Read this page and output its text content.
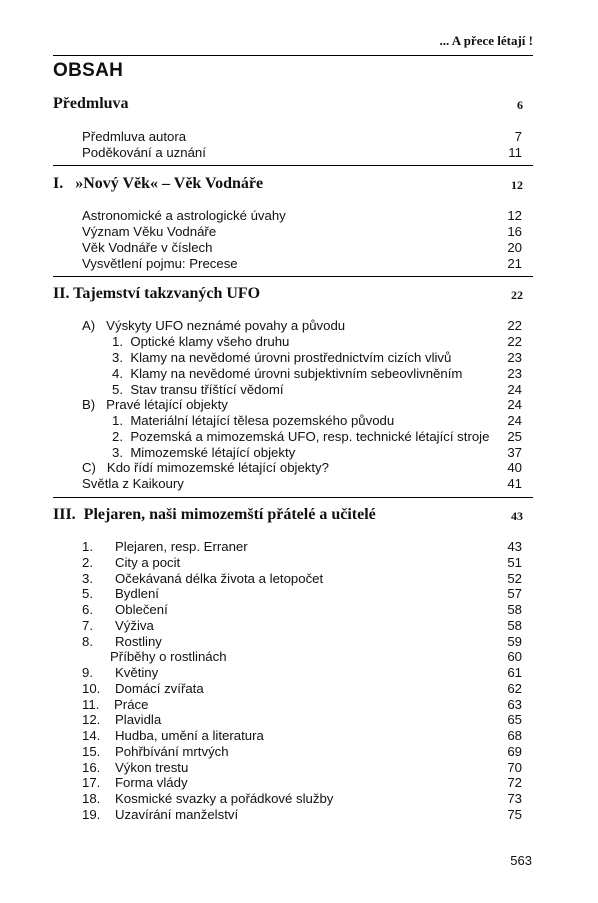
... A přece létají !
OBSAH
Předmluva	6
Předmluva autora	7
Poděkování a uznání	11
I.   »Nový Věk« – Věk Vodnáře	12
Astronomické a astrologické úvahy	12
Význam Věku Vodnáře	16
Věk Vodnáře v číslech	20
Vysvětlení pojmu: Precese	21
II. Tajemství takzvaných UFO	22
A)   Výskyty UFO neznámé povahy a původu	22
1.  Optické klamy všeho druhu	22
3.  Klamy na nevědomé úrovni prostřednictvím cizích vlivů	23
4.  Klamy na nevědomé úrovni subjektivním sebeovlivněním	23
5.  Stav transu tříštící vědomí	24
B)   Pravé létající objekty	24
1.  Materiální létající tělesa pozemského původu	24
2.  Pozemská a mimozemská UFO, resp. technické létající stroje 25
3.  Mimozemské létající objekty	37
C)   Kdo řídí mimozemské létající objekty?	40
Světla z Kaikoury	41
III.  Plejaren, naši mimozemští přátelé a učitelé	43
1.      Plejaren, resp. Erraner	43
2.      City a pocit	51
3.      Očekávaná délka života a letopočet	52
5.      Bydlení	57
6.      Oblečení	58
7.      Výživa	58
8.      Rostliny	59
Příběhy o rostlinách	60
9.      Květiny	61
10.    Domácí zvířata	62
11.    Práce	63
12.    Plavidla	65
14.    Hudba, umění a literatura	68
15.    Pohřbívání mrtvých	69
16.    Výkon trestu	70
17.    Forma vlády	72
18.    Kosmické svazky a pořádkové služby	73
19.    Uzavírání manželství	75
563
